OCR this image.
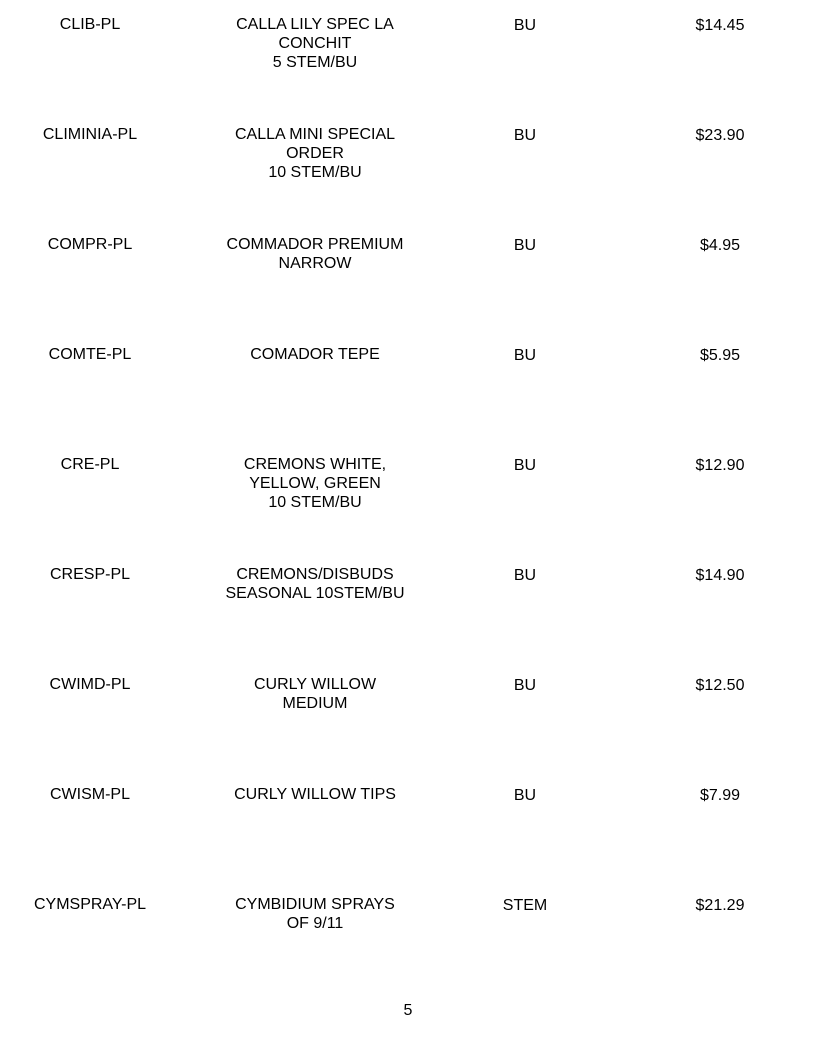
CLIB-PL	CALLA LILY SPEC LA
CONCHIT
5 STEM/BU
BU	$14.45
CLIMINIA-PL	CALLA MINI SPECIAL
ORDER
10 STEM/BU
BU	$23.90
COMPR-PL	COMMADOR PREMIUM
NARROW
BU	$4.95
COMTE-PL	COMADOR TEPE	BU	$5.95
CRE-PL	CREMONS WHITE,
YELLOW, GREEN
10 STEM/BU
BU	$12.90
CRESP-PL	CREMONS/DISBUDS
SEASONAL 10STEM/BU
BU	$14.90
CWIMD-PL	CURLY WILLOW
MEDIUM
BU	$12.50
CWISM-PL	CURLY WILLOW TIPS	BU	$7.99
CYMSPRAY-PL	CYMBIDIUM SPRAYS
OF 9/11
STEM	$21.29
5
